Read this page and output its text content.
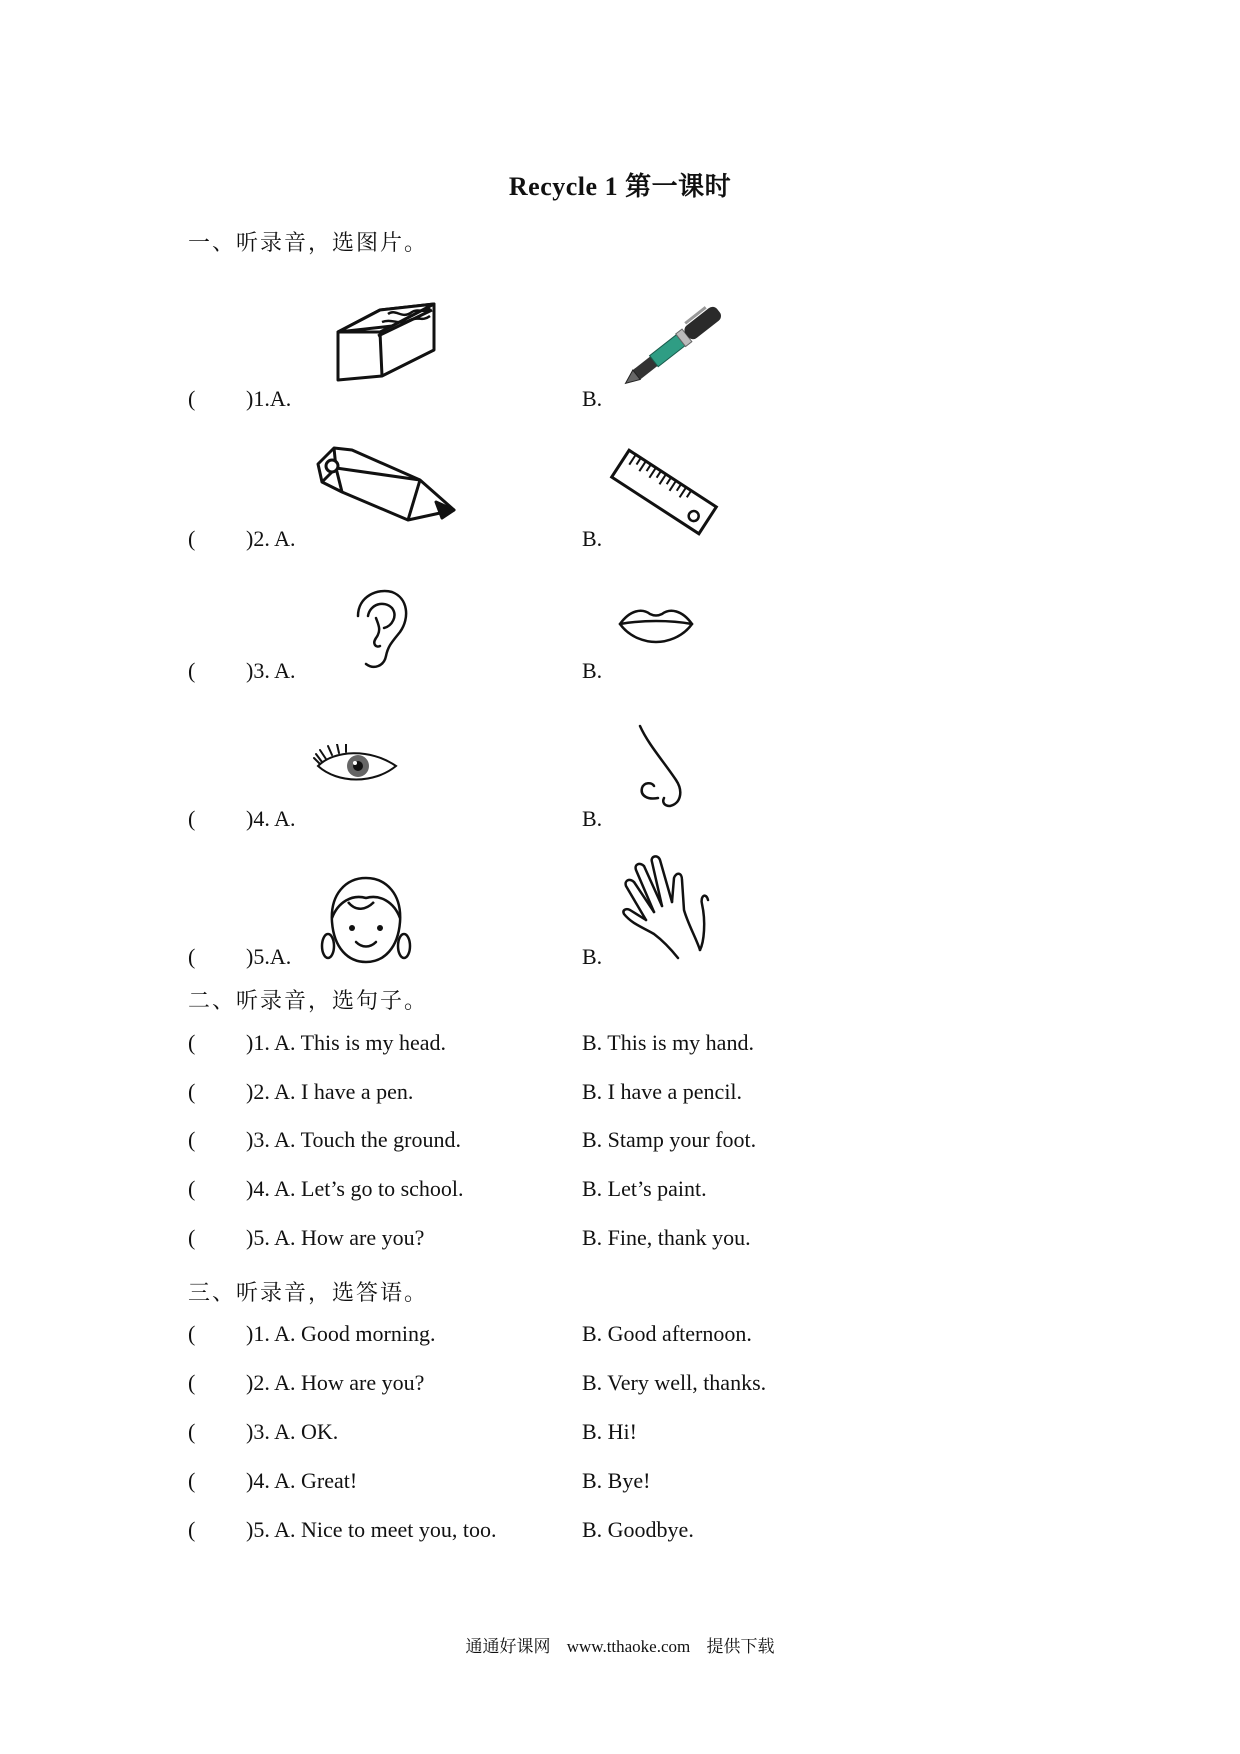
Recycle 1 第一课时
一、听录音，选图片。
( )1.A.	B.
( )2. A.	B.
( )3. A.	B.
( )4. A.	B.
( )5.A.	B.
二、听录音，选句子。
( )1. A. This is my head.	B. This is my hand.
( )2. A. I have a pen.	B. I have a pencil.
( )3. A. Touch the ground.	B. Stamp your foot.
( )4. A. Let’s go to school.	B. Let’s paint.
( )5. A. How are you?	B. Fine, thank you.
三、听录音，选答语。
( )1. A. Good morning.	B. Good afternoon.
( )2. A. How are you?	B. Very well, thanks.
( )3. A. OK.	B. Hi!
( )4. A. Great!	B. Bye!
( )5. A. Nice to meet you, too.	B. Goodbye.
通通好课网 www.tthaoke.com 提供下载
